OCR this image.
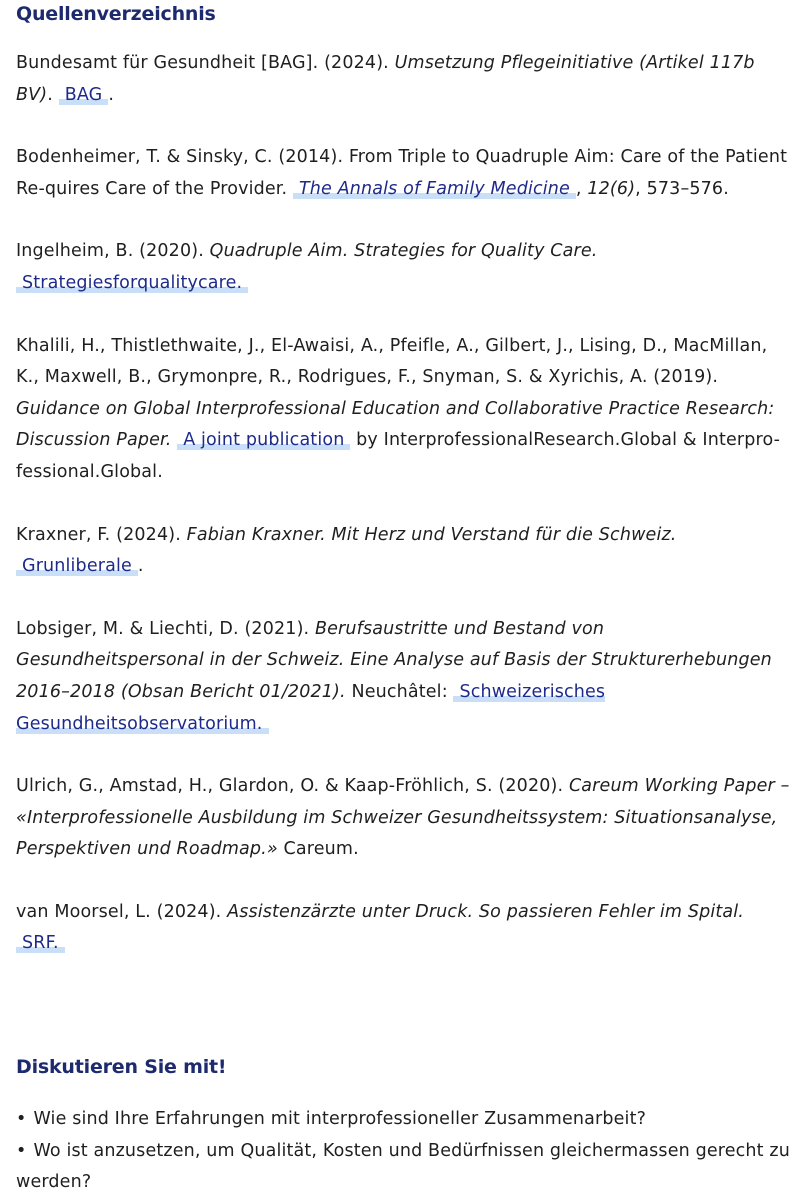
Quellenverzeichnis

Bundesamt für Gesundheit [BAG]. (2024). Umsetzung Pflegeinitiative (Artikel 117b BV). BAG .

Bodenheimer, T. & Sinsky, C. (2014). From Triple to Quadruple Aim: Care of the Patient Re-quires Care of the Provider. The Annals of Family Medicine , 12(6), 573–576.

Ingelheim, B. (2020). Quadruple Aim. Strategies for Quality Care. Strategiesforqualitycare.

Khalili, H., Thistlethwaite, J., El-Awaisi, A., Pfeifle, A., Gilbert, J., Lising, D., MacMillan, K., Maxwell, B., Grymonpre, R., Rodrigues, F., Snyman, S. & Xyrichis, A. (2019). Guidance on Global Interprofessional Education and Collaborative Practice Research: Discussion Paper. A joint publication by InterprofessionalResearch.Global & Interpro-fessional.Global.

Kraxner, F. (2024). Fabian Kraxner. Mit Herz und Verstand für die Schweiz. Grunliberale .

Lobsiger, M. & Liechti, D. (2021). Berufsaustritte und Bestand von Gesundheitspersonal in der Schweiz. Eine Analyse auf Basis der Strukturerhebungen 2016–2018 (Obsan Bericht 01/2021). Neuchâtel: Schweizerisches Gesundheitsobservatorium.

Ulrich, G., Amstad, H., Glardon, O. & Kaap-Fröhlich, S. (2020). Careum Working Paper – «Interprofessionelle Ausbildung im Schweizer Gesundheitssystem: Situationsanalyse, Perspektiven und Roadmap.» Careum.

van Moorsel, L. (2024). Assistenzärzte unter Druck. So passieren Fehler im Spital. SRF.

Diskutieren Sie mit!
• Wie sind Ihre Erfahrungen mit interprofessioneller Zusammenarbeit?
• Wo ist anzusetzen, um Qualität, Kosten und Bedürfnissen gleichermassen gerecht zu werden?
